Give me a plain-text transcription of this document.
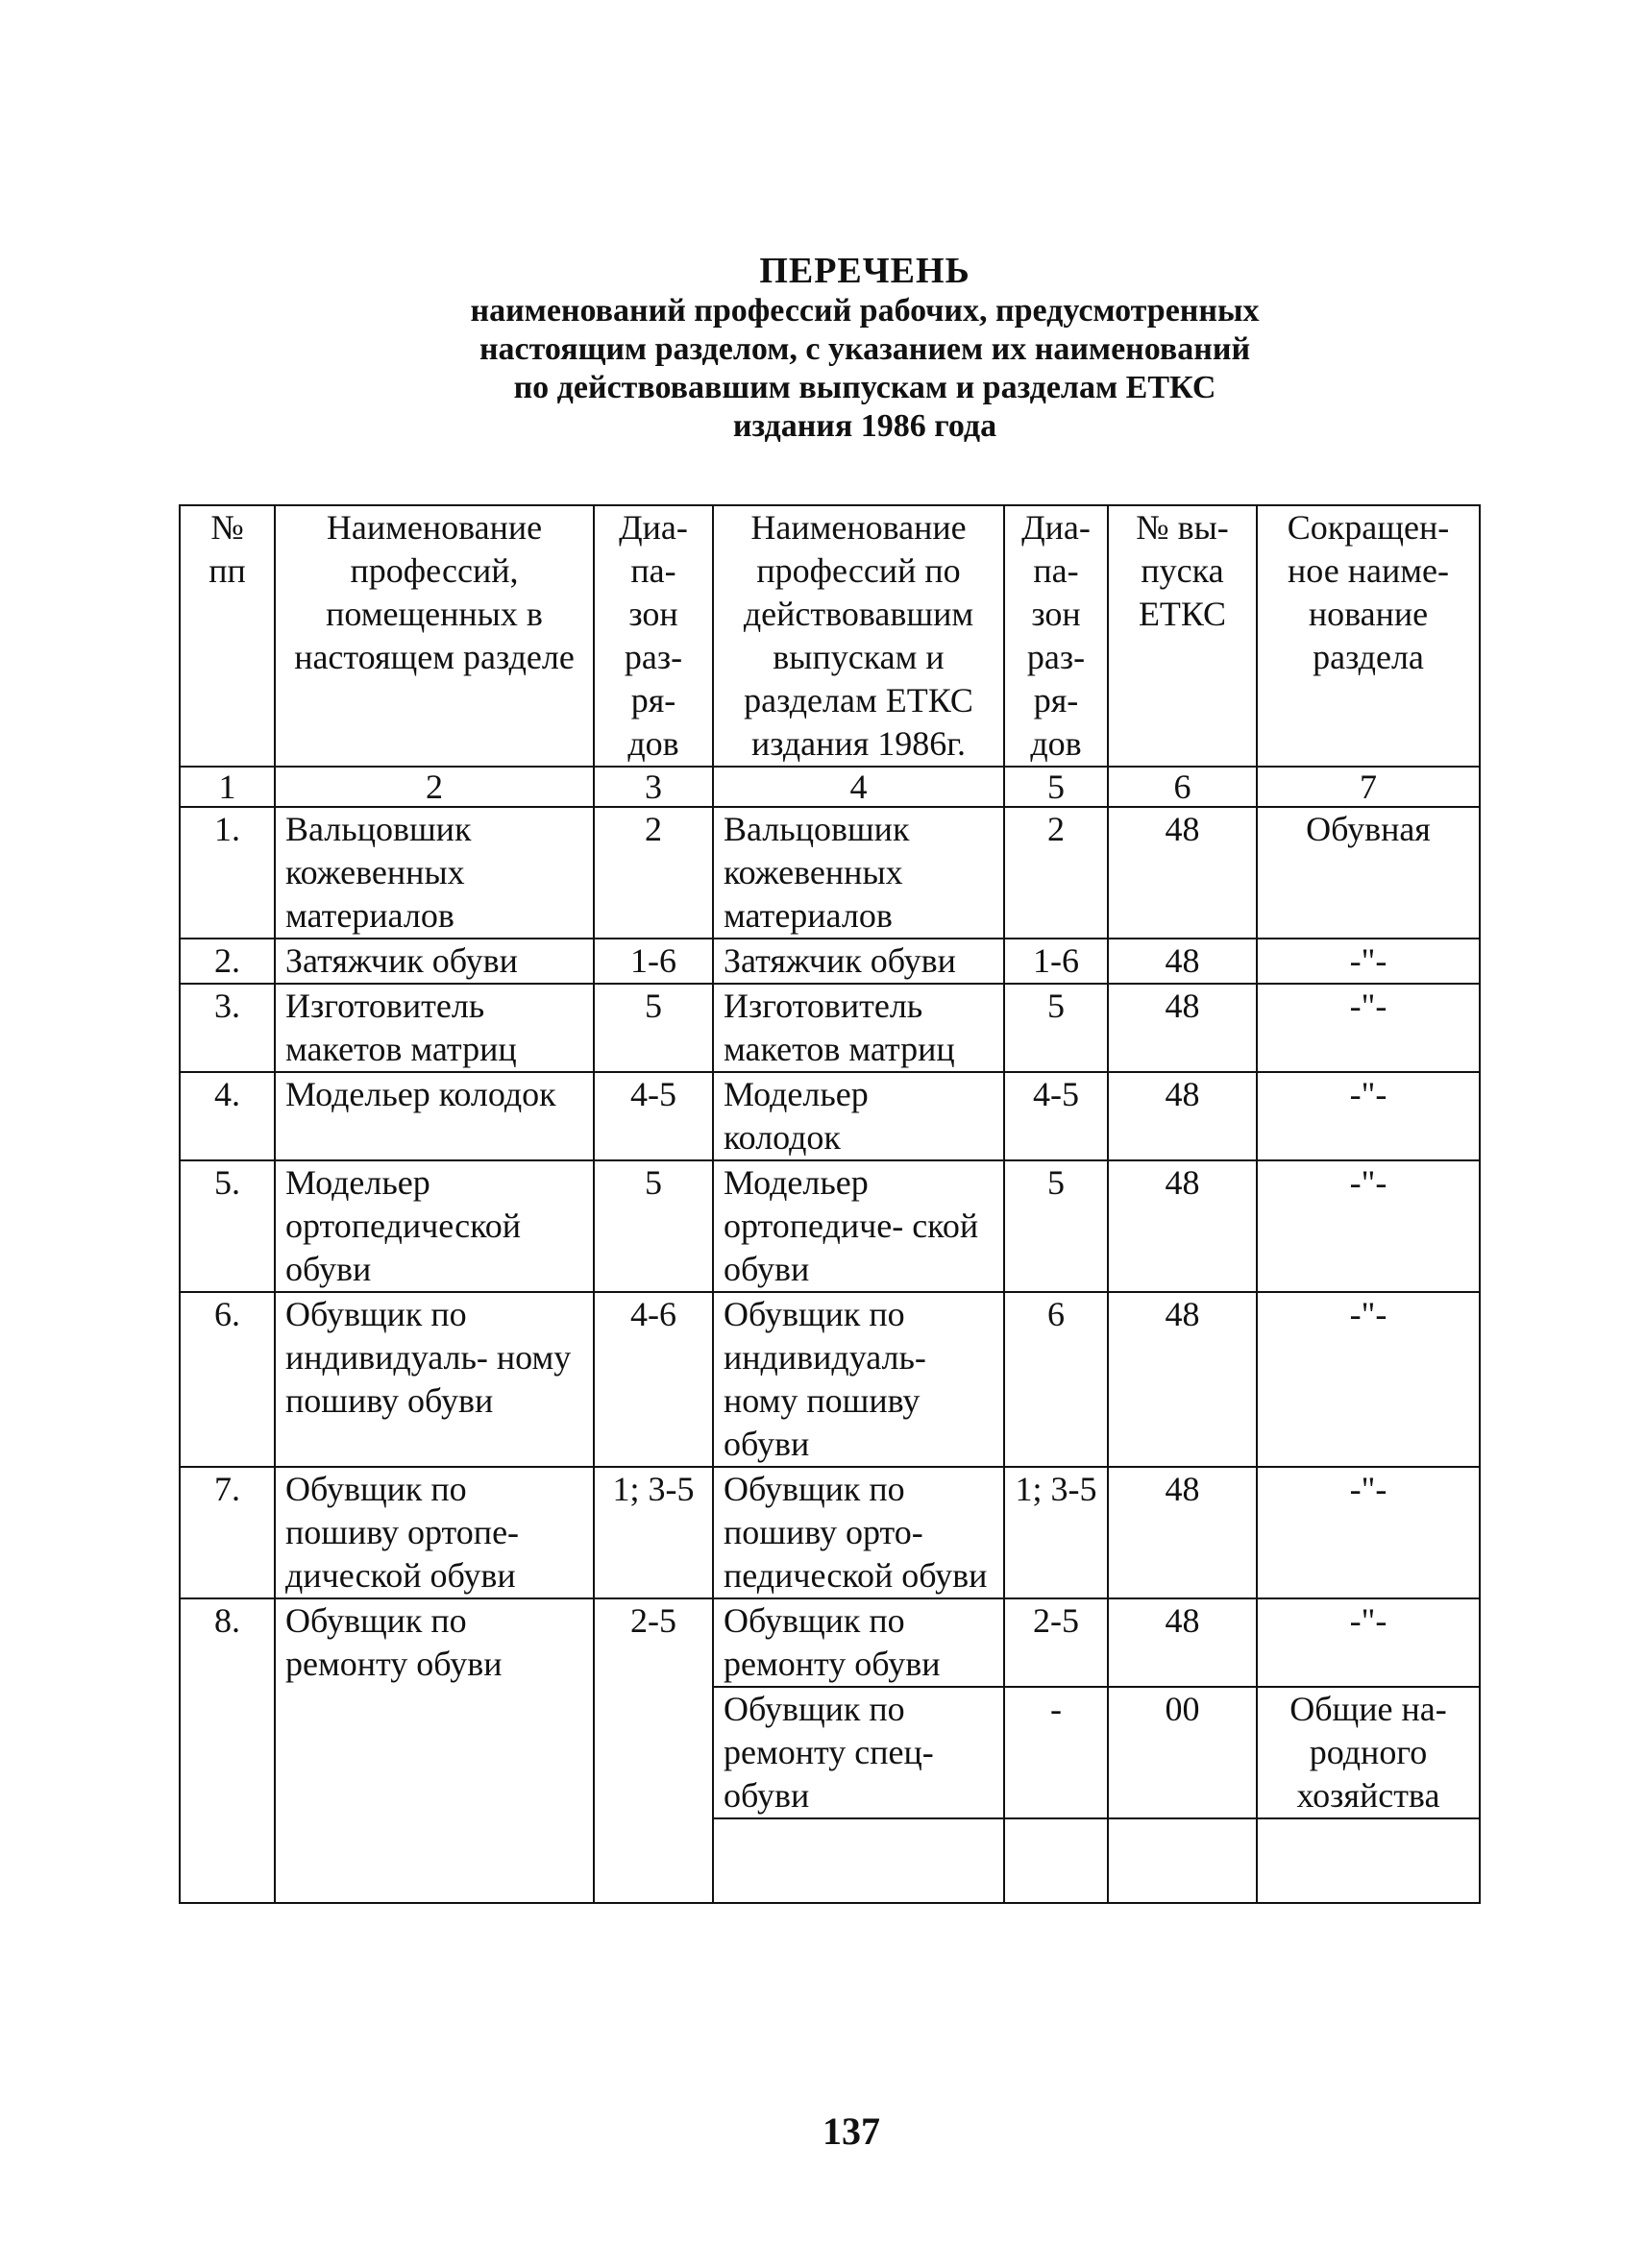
ПЕРЕЧЕНЬ
наименований профессий рабочих, предусмотренных
настоящим разделом, с указанием их наименований
по действовавшим выпускам и разделам ЕТКС
издания 1986 года
№ пп	Наименование профессий, помещенных в настоящем разделе	Диа- па- зон раз- ря- дов	Наименование профессий по действовавшим выпускам и разделам ЕТКС издания 1986г.	Диа- па- зон раз- ря- дов	№ вы- пуска ЕТКС	Сокращен- ное наиме- нование раздела
1	2	3	4	5	6	7
1.	Вальцовшик кожевенных материалов	2	Вальцовшик кожевенных материалов	2	48	Обувная
2.	Затяжчик обуви	1-6	Затяжчик обуви	1-6	48	-"-
3.	Изготовитель макетов матриц	5	Изготовитель макетов матриц	5	48	-"-
4.	Модельер колодок	4-5	Модельер колодок	4-5	48	-"-
5.	Модельер ортопедической обуви	5	Модельер ортопедиче- ской обуви	5	48	-"-
6.	Обувщик по индивидуаль- ному пошиву обуви	4-6	Обувщик по индивидуаль- ному пошиву обуви	6	48	-"-
7.	Обувщик по пошиву ортопе- дической обуви	1; 3-5	Обувщик по пошиву орто- педической обуви	1; 3-5	48	-"-
8.	Обувщик по ремонту обуви	2-5	Обувщик по ремонту обуви	2-5	48	-"-
			Обувщик по ремонту спец- обуви	-	00	Общие на- родного хозяйства

137
